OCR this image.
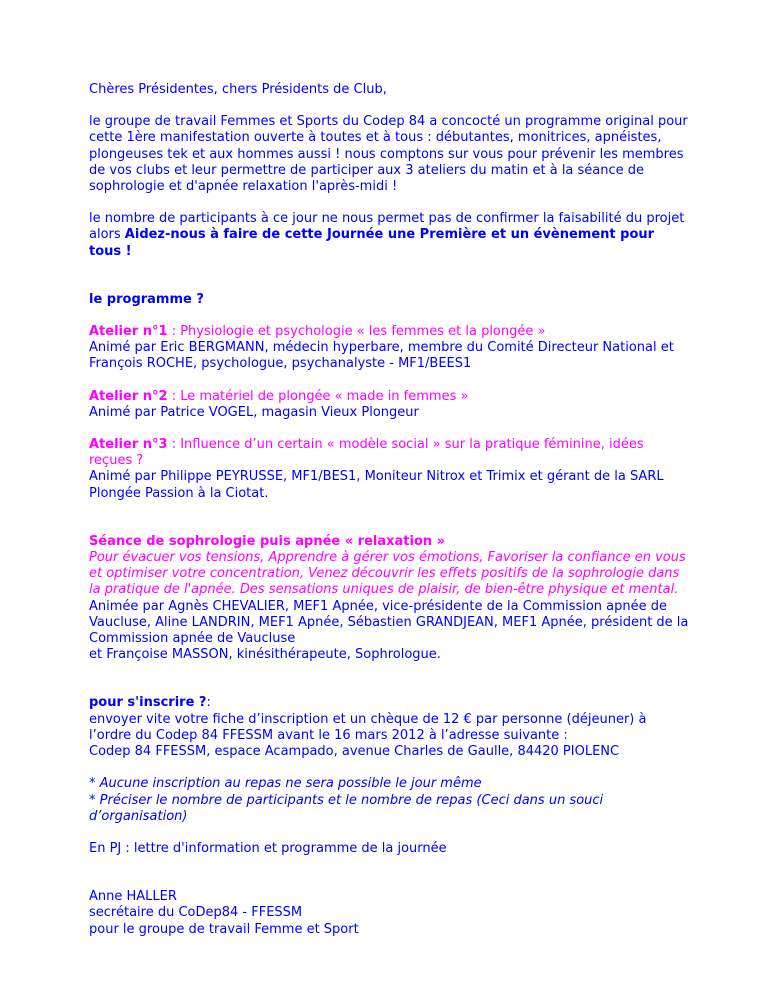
Chères Présidentes, chers Présidents de Club,

le groupe de travail Femmes et Sports du Codep 84 a concocté un programme original pour cette 1ère manifestation ouverte à toutes et à tous : débutantes, monitrices, apnéistes, plongeuses tek et aux hommes aussi ! nous comptons sur vous pour prévenir les membres de vos clubs et leur permettre de participer aux 3 ateliers du matin et à la séance de sophrologie et d'apnée relaxation l'après-midi !

le nombre de participants à ce jour ne nous permet pas de confirmer la faisabilité du projet alors Aidez-nous à faire de cette Journée une Première et un évènement pour tous !

le programme ?

Atelier n°1 : Physiologie et psychologie « les femmes et la plongée »

Animé par Eric BERGMANN, médecin hyperbare, membre du Comité Directeur National et François ROCHE, psychologue, psychanalyste - MF1/BEES1

Atelier n°2 : Le matériel de plongée « made in femmes »

Animé par Patrice VOGEL, magasin Vieux Plongeur

Atelier n°3 : Influence d’un certain « modèle social » sur la pratique féminine, idées reçues ?

Animé par Philippe PEYRUSSE, MF1/BES1, Moniteur Nitrox et Trimix et gérant de la SARL Plongée Passion à la Ciotat.

Séance de sophrologie puis apnée « relaxation »

Pour évacuer vos tensions, Apprendre à gérer vos émotions, Favoriser la confiance en vous et optimiser votre concentration, Venez découvrir les effets positifs de la sophrologie dans la pratique de l'apnée. Des sensations uniques de plaisir, de bien-être physique et mental.

Animée par Agnès CHEVALIER, MEF1 Apnée, vice-présidente de la Commission apnée de Vaucluse, Aline LANDRIN, MEF1 Apnée, Sébastien GRANDJEAN, MEF1 Apnée, président de la Commission apnée de Vaucluse

et Françoise MASSON, kinésithérapeute, Sophrologue.

pour s'inscrire ?:

envoyer vite votre fiche d’inscription et un chèque de 12 € par personne (déjeuner) à l’ordre du Codep 84 FFESSM avant le 16 mars 2012 à l’adresse suivante :

Codep 84 FFESSM, espace Acampado, avenue Charles de Gaulle, 84420 PIOLENC

* Aucune inscription au repas ne sera possible le jour même

* Préciser le nombre de participants et le nombre de repas (Ceci dans un souci d’organisation)

En PJ : lettre d'information et programme de la journée

Anne HALLER

secrétaire du CoDep84 - FFESSM

pour le groupe de travail Femme et Sport
